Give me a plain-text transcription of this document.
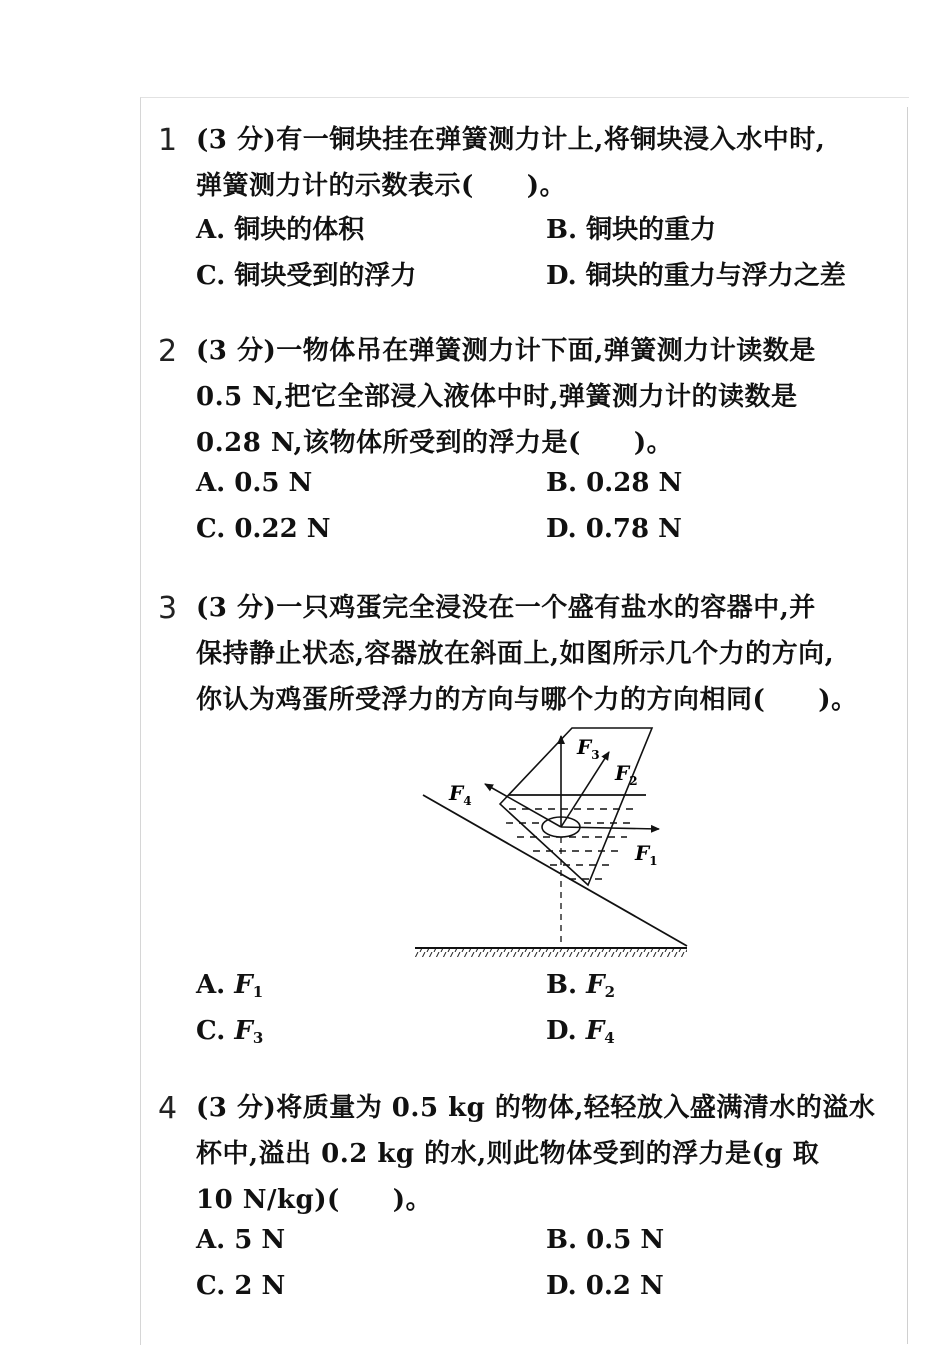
1 (3 分)有一铜块挂在弹簧测力计上,将铜块浸入水中时,

弹簧测力计的示数表示(　　)。

A. 铜块的体积	B. 铜块的重力
C. 铜块受到的浮力	D. 铜块的重力与浮力之差
2 (3 分)一物体吊在弹簧测力计下面,弹簧测力计读数是

0.5 N,把它全部浸入液体中时,弹簧测力计的读数是

0.28 N,该物体所受到的浮力是(　　)。

A. 0.5 N	B. 0.28 N
C. 0.22 N	D. 0.78 N
3 (3 分)一只鸡蛋完全浸没在一个盛有盐水的容器中,并

保持静止状态,容器放在斜面上,如图所示几个力的方向,

你认为鸡蛋所受浮力的方向与哪个力的方向相同(　　)。

A. $F_1$	B. $F_2$
C. $F_3$	D. $F_4$
$F_3$
$F_2$
$F_4$
$F_1$
4 (3 分)将质量为 0.5 kg 的物体,轻轻放入盛满清水的溢水

杯中,溢出 0.2 kg 的水,则此物体受到的浮力是(g 取

10 N/kg)(　　)。

A. 5 N	B. 0.5 N
C. 2 N	D. 0.2 N
